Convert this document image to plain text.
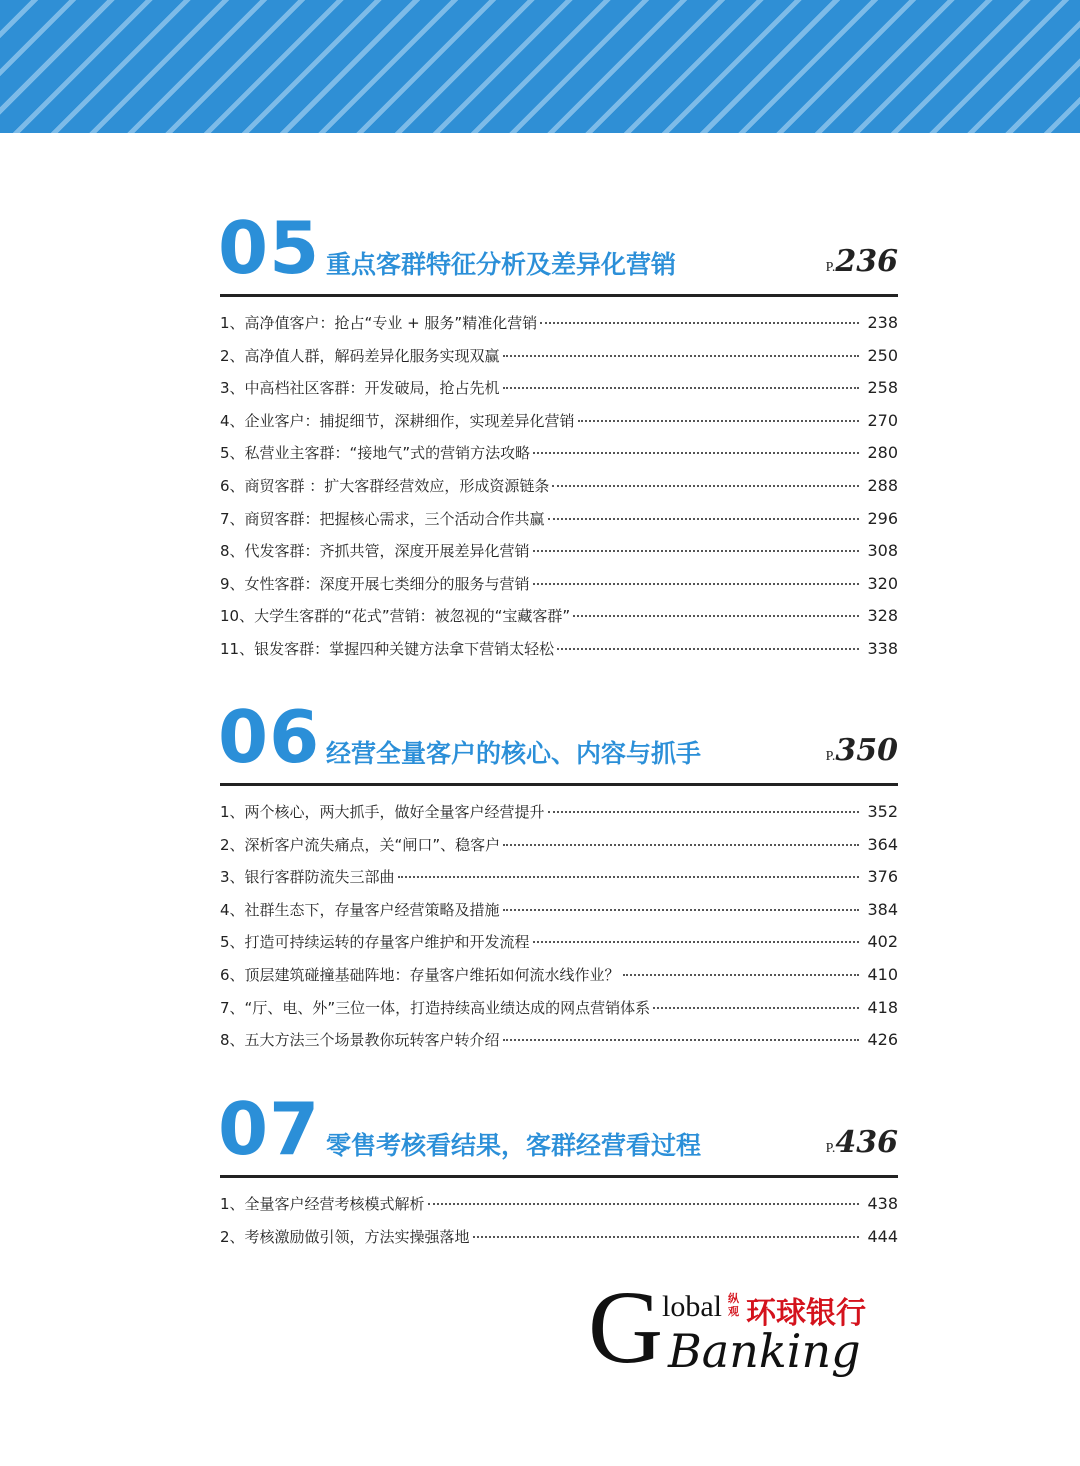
05 重点客群特征分析及差异化营销	P.236
1、高净值客户：抢占“专业 + 服务”精准化营销	238
2、高净值人群，解码差异化服务实现双赢	250
3、中高档社区客群：开发破局，抢占先机	258
4、企业客户：捕捉细节，深耕细作，实现差异化营销	270
5、私营业主客群：“接地气”式的营销方法攻略	280
6、商贸客群 ：扩大客群经营效应，形成资源链条	288
7、商贸客群：把握核心需求，三个活动合作共赢	296
8、代发客群：齐抓共管，深度开展差异化营销	308
9、女性客群：深度开展七类细分的服务与营销	320
10、大学生客群的“花式”营销：被忽视的“宝藏客群”	328
11、银发客群：掌握四种关键方法拿下营销太轻松	338
06 经营全量客户的核心、内容与抓手	P.350
1、两个核心，两大抓手，做好全量客户经营提升	352
2、深析客户流失痛点，关“闸口”、稳客户	364
3、银行客群防流失三部曲	376
4、社群生态下，存量客户经营策略及措施	384
5、打造可持续运转的存量客户维护和开发流程	402
6、顶层建筑碰撞基础阵地：存量客户维拓如何流水线作业？	410
7、“厅、电、外”三位一体，打造持续高业绩达成的网点营销体系	418
8、五大方法三个场景教你玩转客户转介绍	426
07 零售考核看结果，客群经营看过程	P.436
1、全量客户经营考核模式解析	438
2、考核激励做引领，方法实操强落地	444
G
lobal 纵观 环球银行
Banking
